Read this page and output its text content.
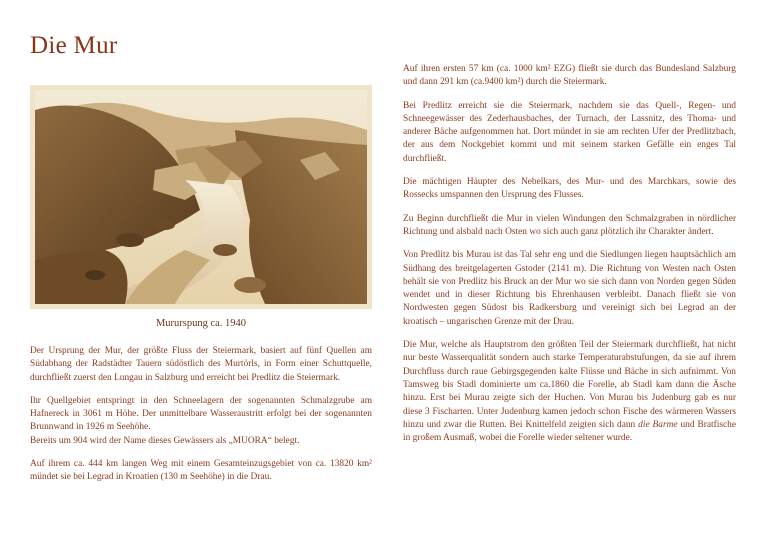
Die Mur
Mururspung ca. 1940

Der Ursprung der Mur, der größte Fluss der Steiermark, basiert auf fünf Quellen am Südabhang der Radstädter Tauern südöstlich des Murtörls, in Form einer Schuttquelle, durchfließt zuerst den Lungau in Salzburg und erreicht bei Predlitz die Steiermark.

Ihr Quellgebiet entspringt in den Schneelagern der sogenannten Schmalzgrube am Hafnereck in 3061 m Höhe. Der unmittelbare Wasseraustritt erfolgt bei der sogenannten Brunnwand in 1926 m Seehöhe.

Bereits um 904 wird der Name dieses Gewässers als „MUORA“ belegt.

Auf ihrem ca. 444 km langen Weg mit einem Gesamteinzugsgebiet von ca. 13820 km² mündet sie bei Legrad in Kroatien (130 m Seehöhe) in die Drau.

Auf ihren ersten 57 km (ca. 1000 km² EZG) fließt sie durch das Bundesland Salzburg und dann 291 km (ca.9400 km²) durch die Steiermark.

Bei Predlitz erreicht sie die Steiermark, nachdem sie das Quell-, Regen- und Schneegewässer des Zederhausbaches, der Turnach, der Lassnitz, des Thoma- und anderer Bäche aufgenommen hat. Dort mündet in sie am rechten Ufer der Predlitzbach, der aus dem Nockgebiet kommt und mit seinem starken Gefälle ein enges Tal durchfließt.

Die mächtigen Häupter des Nebelkars, des Mur- und des Marchkars, sowie des Rossecks umspannen den Ursprung des Flusses.

Zu Beginn durchfließt die Mur in vielen Windungen den Schmalzgraben in nördlicher Richtung und alsbald nach Osten wo sich auch ganz plötzlich ihr Charakter ändert.

Von Predlitz bis Murau ist das Tal sehr eng und die Siedlungen liegen hauptsächlich am Südhang des breitgelagerten Gstoder (2141 m). Die Richtung von Westen nach Osten behält sie von Predlitz bis Bruck an der Mur wo sie sich dann von Norden gegen Süden wendet und in dieser Richtung bis Ehrenhausen verbleibt. Danach fließt sie von Nordwesten gegen Südost bis Radkersburg und vereinigt sich bei Legrad an der kroatisch – ungarischen Grenze mit der Drau.

Die Mur, welche als Hauptstrom den größten Teil der Steiermark durchfließt, hat nicht nur beste Wasserqualität sondern auch starke Temperaturabstufungen, da sie auf ihrem Durchfluss durch raue Gebirgsgegenden kalte Flüsse und Bäche in sich aufnimmt. Von Tamsweg bis Stadl dominierte um ca.1860 die Forelle, ab Stadl kam dann die Äsche hinzu. Erst bei Murau zeigte sich der Huchen. Von Murau bis Judenburg gab es nur diese 3 Fischarten. Unter Judenburg kamen jedoch schon Fische des wärmeren Wassers hinzu und zwar die Rutten. Bei Knittelfeld zeigten sich dann die Barme und Bratfische in großem Ausmaß, wobei die Forelle wieder seltener wurde.
